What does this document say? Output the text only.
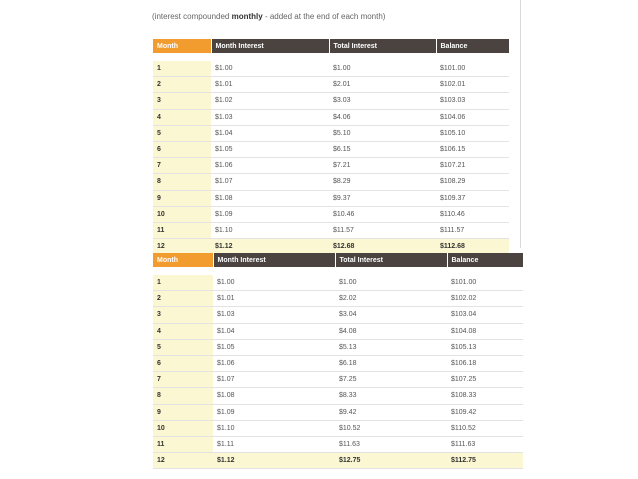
(interest compounded monthly - added at the end of each month)
Month	Month Interest	Total Interest	Balance

1	$1.00	$1.00	$101.00
2	$1.01	$2.01	$102.01
3	$1.02	$3.03	$103.03
4	$1.03	$4.06	$104.06
5	$1.04	$5.10	$105.10
6	$1.05	$6.15	$106.15
7	$1.06	$7.21	$107.21
8	$1.07	$8.29	$108.29
9	$1.08	$9.37	$109.37
10	$1.09	$10.46	$110.46
11	$1.10	$11.57	$111.57
12	$1.12	$12.68	$112.68
Month	Month Interest	Total Interest	Balance

1	$1.00	$1.00	$101.00
2	$1.01	$2.02	$102.02
3	$1.03	$3.04	$103.04
4	$1.04	$4.08	$104.08
5	$1.05	$5.13	$105.13
6	$1.06	$6.18	$106.18
7	$1.07	$7.25	$107.25
8	$1.08	$8.33	$108.33
9	$1.09	$9.42	$109.42
10	$1.10	$10.52	$110.52
11	$1.11	$11.63	$111.63
12	$1.12	$12.75	$112.75
